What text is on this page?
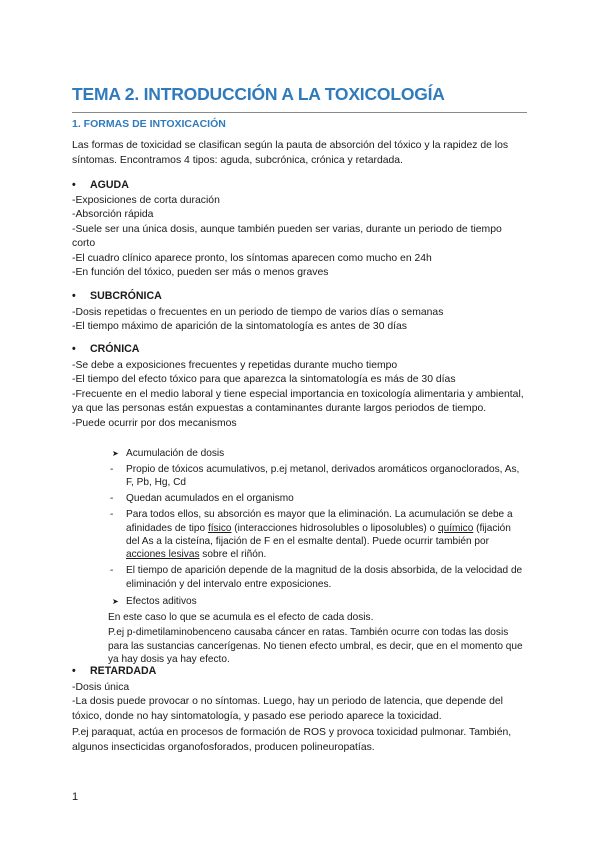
TEMA 2. INTRODUCCIÓN A LA TOXICOLOGÍA
1. FORMAS DE INTOXICACIÓN

Las formas de toxicidad se clasifican según la pauta de absorción del tóxico y la rapidez de los síntomas. Encontramos 4 tipos: aguda, subcrónica, crónica y retardada.

• AGUDA

-Exposiciones de corta duración

-Absorción rápida

-Suele ser una única dosis, aunque también pueden ser varias, durante un periodo de tiempo corto

-El cuadro clínico aparece pronto, los síntomas aparecen como mucho en 24h

-En función del tóxico, pueden ser más o menos graves

• SUBCRÓNICA

-Dosis repetidas o frecuentes en un periodo de tiempo de varios días o semanas

-El tiempo máximo de aparición de la sintomatología es antes de 30 días

• CRÓNICA

-Se debe a exposiciones frecuentes y repetidas durante mucho tiempo

-El tiempo del efecto tóxico para que aparezca la sintomatología es más de 30 días

-Frecuente en el medio laboral y tiene especial importancia en toxicología alimentaria y ambiental, ya que las personas están expuestas a contaminantes durante largos periodos de tiempo.

-Puede ocurrir por dos mecanismos

➤ Acumulación de dosis

- Propio de tóxicos acumulativos, p.ej metanol, derivados aromáticos organoclorados, As, F, Pb, Hg, Cd

- Quedan acumulados en el organismo

- Para todos ellos, su absorción es mayor que la eliminación. La acumulación se debe a afinidades de tipo físico (interacciones hidrosolubles o liposolubles) o químico (fijación del As a la cisteína, fijación de F en el esmalte dental). Puede ocurrir también por acciones lesivas sobre el riñón.

- El tiempo de aparición depende de la magnitud de la dosis absorbida, de la velocidad de eliminación y del intervalo entre exposiciones.

➤ Efectos aditivos

En este caso lo que se acumula es el efecto de cada dosis.

P.ej p-dimetilaminobenceno causaba cáncer en ratas. También ocurre con todas las dosis para las sustancias cancerígenas. No tienen efecto umbral, es decir, que en el momento que ya hay dosis ya hay efecto.

• RETARDADA

-Dosis única

-La dosis puede provocar o no síntomas. Luego, hay un periodo de latencia, que depende del tóxico, donde no hay sintomatología, y pasado ese periodo aparece la toxicidad.

P.ej paraquat, actúa en procesos de formación de ROS y provoca toxicidad pulmonar. También, algunos insecticidas organofosforados, producen polineuropatías.

1
